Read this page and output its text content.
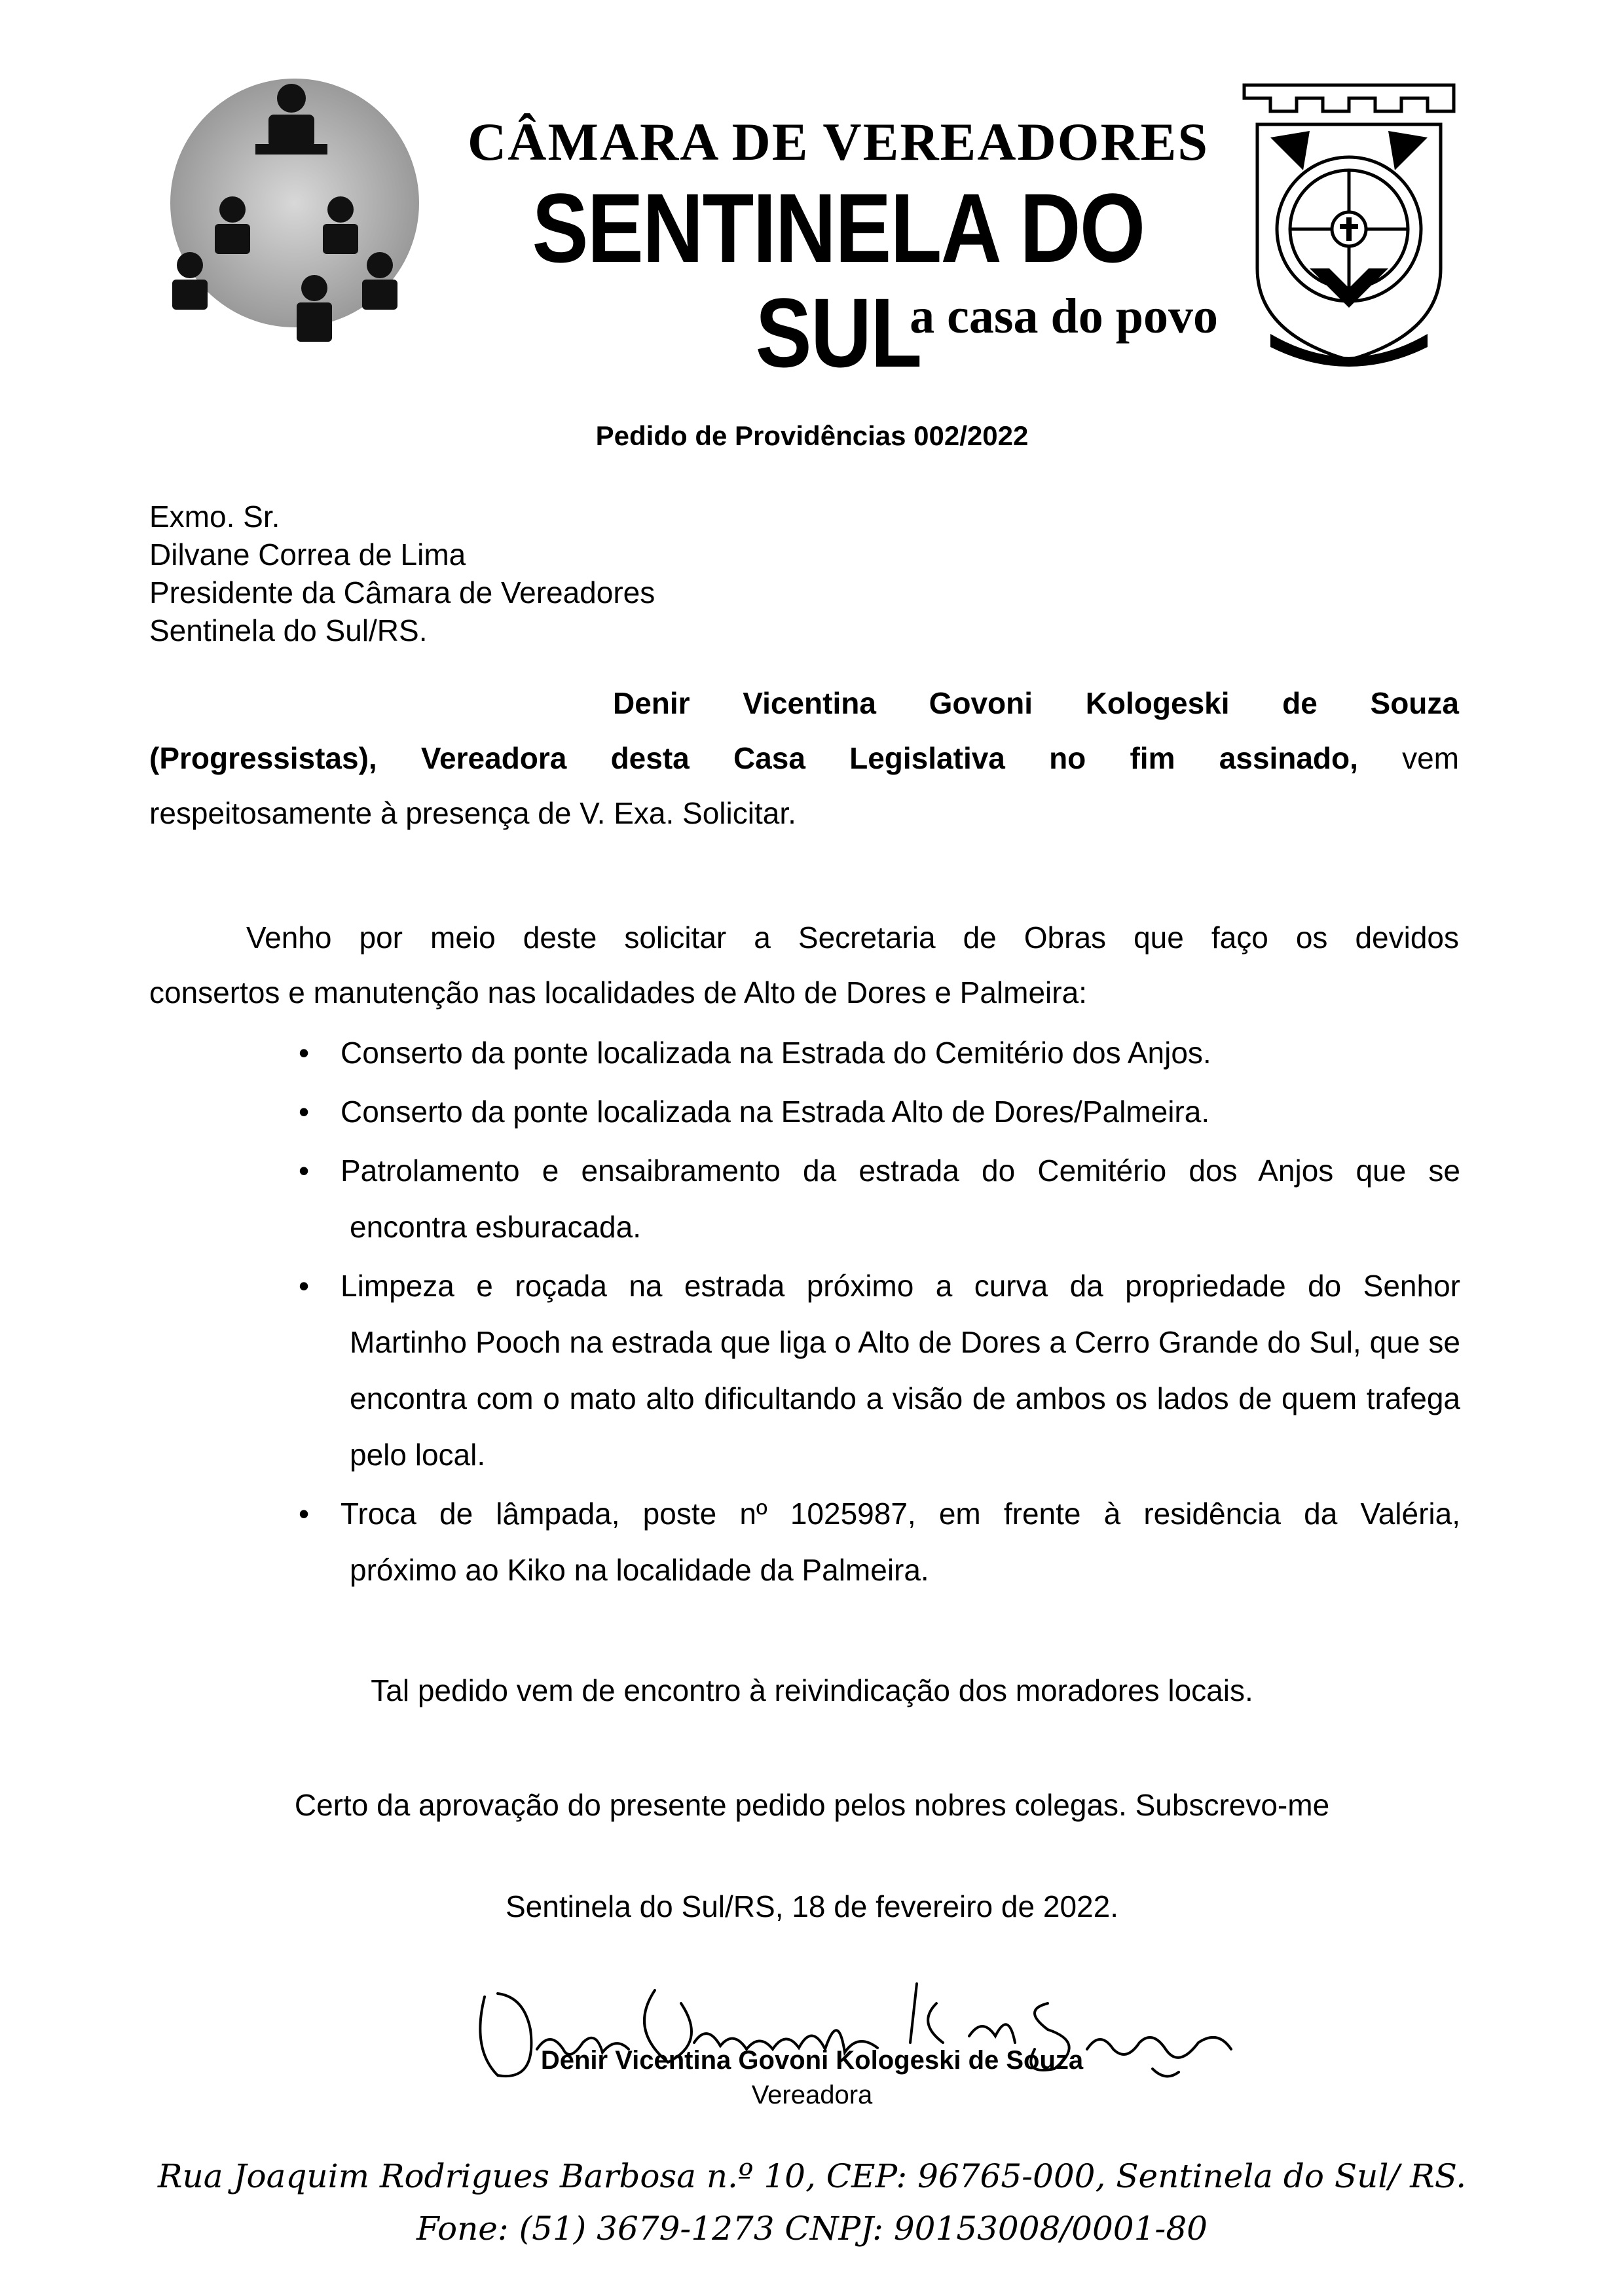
CÂMARA DE VEREADORES
SENTINELA DO SUL
a casa do povo
Pedido de Providências 002/2022
Exmo. Sr.
Dilvane Correa de Lima
Presidente da Câmara de Vereadores
Sentinela do Sul/RS.
Denir Vicentina Govoni Kologeski de Souza
(Progressistas), Vereadora desta Casa Legislativa no fim assinado, vem
respeitosamente à presença de V. Exa. Solicitar.
Venho por meio deste solicitar a Secretaria de Obras que faço os devidos
consertos e manutenção nas localidades de Alto de Dores e Palmeira:
• Conserto da ponte localizada na Estrada do Cemitério dos Anjos.
• Conserto da ponte localizada na Estrada Alto de Dores/Palmeira.
• Patrolamento e ensaibramento da estrada do Cemitério dos Anjos que se
encontra esburacada.
• Limpeza e roçada na estrada próximo a curva da propriedade do Senhor
Martinho Pooch na estrada que liga o Alto de Dores a Cerro Grande do Sul, que se encontra com o mato alto dificultando a visão de ambos os lados de quem trafega pelo local.
• Troca de lâmpada, poste nº 1025987, em frente à residência da Valéria,
próximo ao Kiko na localidade da Palmeira.
Tal pedido vem de encontro à reivindicação dos moradores locais.
Certo da aprovação do presente pedido pelos nobres colegas. Subscrevo-me
Sentinela do Sul/RS, 18 de fevereiro de 2022.
Denir Vicentina Govoni Kologeski de Souza
Vereadora
Rua Joaquim Rodrigues Barbosa n.º 10, CEP: 96765-000, Sentinela do Sul/ RS.
Fone: (51) 3679-1273 CNPJ: 90153008/0001-80
